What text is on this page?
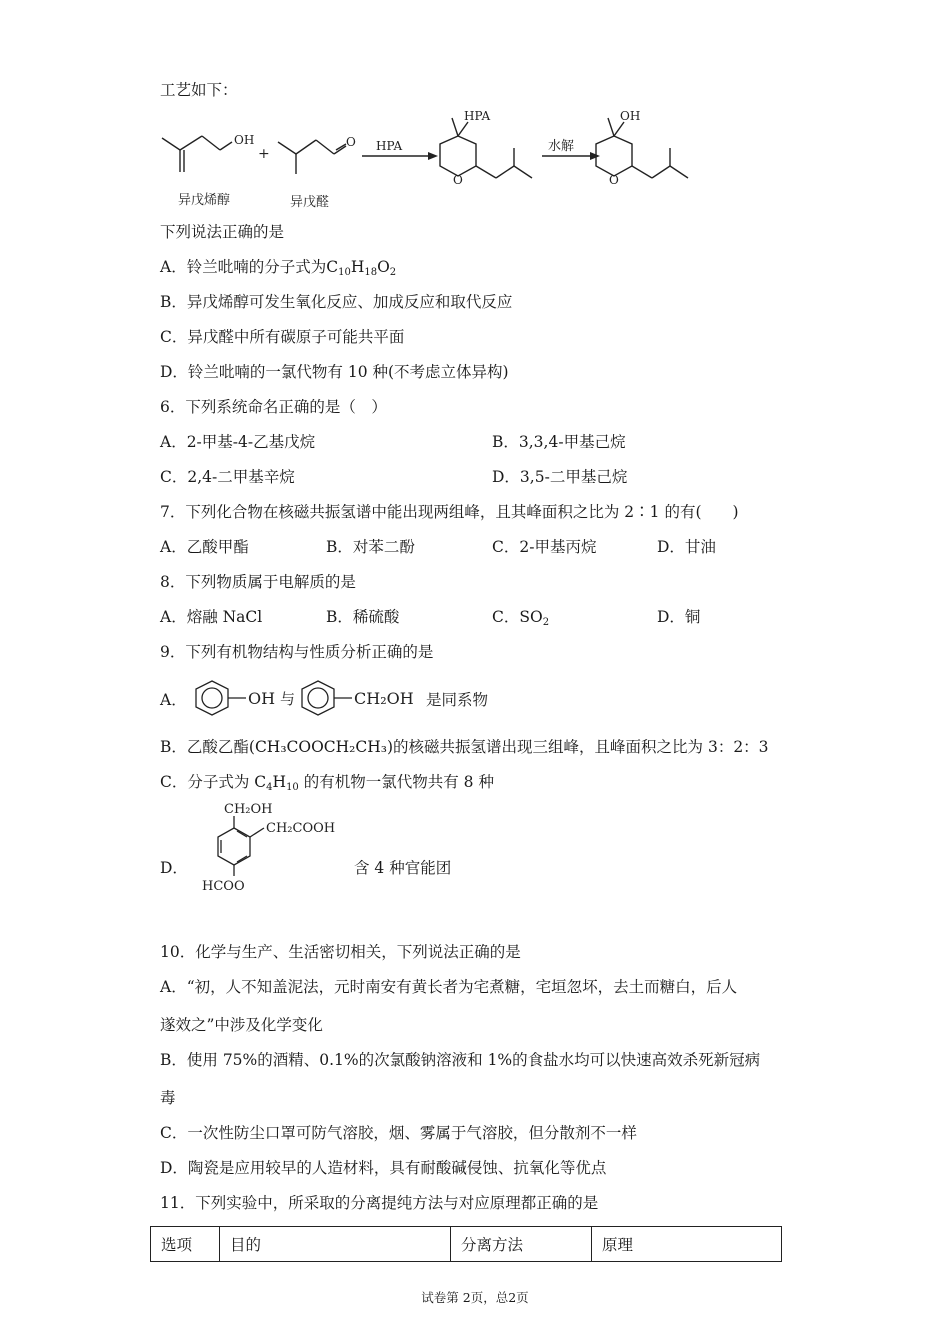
工艺如下：
OH
+
O HPA
HPA
O
水解
OH
O
异戊烯醇	异戊醛
下列说法正确的是
A．铃兰吡喃的分子式为$C_{10}H_{18}O_2$
B．异戊烯醇可发生氧化反应、加成反应和取代反应
C．异戊醛中所有碳原子可能共平面
D．铃兰吡喃的一氯代物有 10 种(不考虑立体异构)
6．下列系统命名正确的是（　）
A．2-甲基-4-乙基戊烷	B．3,3,4-甲基己烷
C．2,4-二甲基辛烷	D．3,5-二甲基己烷
7．下列化合物在核磁共振氢谱中能出现两组峰，且其峰面积之比为 2∶1 的有(　　)
A．乙酸甲酯	B．对苯二酚	C．2-甲基丙烷	D．甘油
8．下列物质属于电解质的是
A．熔融 NaCl	B．稀硫酸	C．$SO_2$	D．铜
9．下列有机物结构与性质分析正确的是
A．	OH 与	CH₂OH 是同系物
B．乙酸乙酯(CH₃COOCH₂CH₃)的核磁共振氢谱出现三组峰，且峰面积之比为 3：2：3
C．分子式为 $C_4H_{10}$ 的有机物一氯代物共有 8 种
D．
CH₂OH
CH₂COOH
HCOO
含 4 种官能团
10．化学与生产、生活密切相关，下列说法正确的是
A．“初，人不知盖泥法，元时南安有黄长者为宅煮糖，宅垣忽坏，去土而糖白，后人
遂效之”中涉及化学变化
B．使用 75%的酒精、0.1%的次氯酸钠溶液和 1%的食盐水均可以快速高效杀死新冠病
毒
C．一次性防尘口罩可防气溶胶，烟、雾属于气溶胶，但分散剂不一样
D．陶瓷是应用较早的人造材料，具有耐酸碱侵蚀、抗氧化等优点
11．下列实验中，所采取的分离提纯方法与对应原理都正确的是
选项	目的	分离方法	原理
试卷第 2页，总2页
